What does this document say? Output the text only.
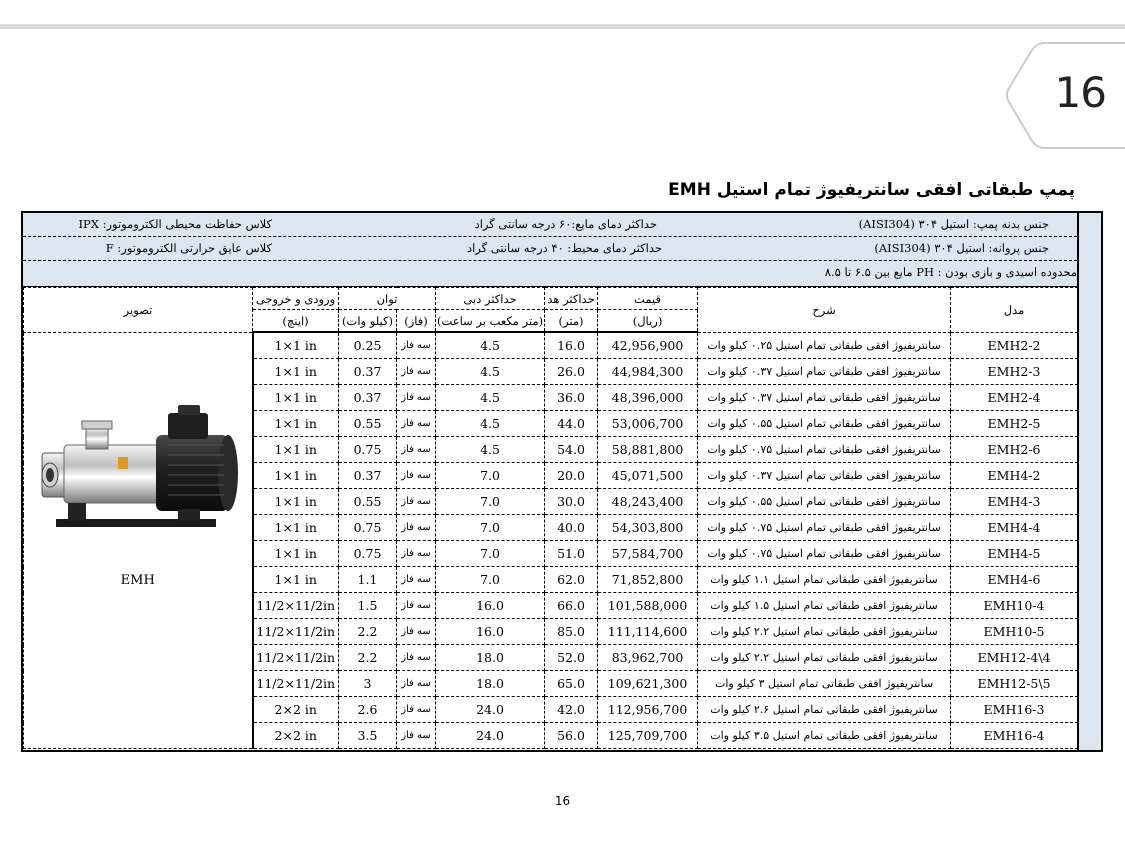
16
پمپ طبقاتی افقی سانتریفیوژ تمام استیل EMH
جنس بدنه پمپ: استیل ۳۰۴ (AISI304)
حداکثر دمای مایع:۶۰ درجه سانتی گراد
کلاس حفاظت محیطی الکتروموتور: IPX
جنس پروانه: استیل ۳۰۴ (AISI304)
حداکثر دمای محیط: ۴۰ درجه سانتی گراد
کلاس عایق حرارتی الکتروموتور: F
محدوده اسیدی و بازی بودن : PH مایع بین ۶.۵ تا ۸.۵
تصویر	ورودی و خروجی	توان		حداکثر دبی	حداکثر هد	قیمت	شرح	مدل
	(اینچ)	(کیلو وات)	(فاز)	(متر مکعب بر ساعت)	(متر)	(ریال)		

EMH	1×1 in	0.25	سه فاز	4.5	16.0	42,956,900	سانتریفیوژ افقی طبقاتی تمام استیل ۰.۲۵ کیلو وات	EMH2-2
	1×1 in	0.37	سه فاز	4.5	26.0	44,984,300	سانتریفیوژ افقی طبقاتی تمام استیل ۰.۳۷ کیلو وات	EMH2-3
	1×1 in	0.37	سه فاز	4.5	36.0	48,396,000	سانتریفیوژ افقی طبقاتی تمام استیل ۰.۳۷ کیلو وات	EMH2-4
	1×1 in	0.55	سه فاز	4.5	44.0	53,006,700	سانتریفیوژ افقی طبقاتی تمام استیل ۰.۵۵ کیلو وات	EMH2-5
	1×1 in	0.75	سه فاز	4.5	54.0	58,881,800	سانتریفیوژ افقی طبقاتی تمام استیل ۰.۷۵ کیلو وات	EMH2-6
	1×1 in	0.37	سه فاز	7.0	20.0	45,071,500	سانتریفیوژ افقی طبقاتی تمام استیل ۰.۳۷ کیلو وات	EMH4-2
	1×1 in	0.55	سه فاز	7.0	30.0	48,243,400	سانتریفیوژ افقی طبقاتی تمام استیل ۰.۵۵ کیلو وات	EMH4-3
	1×1 in	0.75	سه فاز	7.0	40.0	54,303,800	سانتریفیوژ افقی طبقاتی تمام استیل ۰.۷۵ کیلو وات	EMH4-4
	1×1 in	0.75	سه فاز	7.0	51.0	57,584,700	سانتریفیوژ افقی طبقاتی تمام استیل ۰.۷۵ کیلو وات	EMH4-5
	1×1 in	1.1	سه فاز	7.0	62.0	71,852,800	سانتریفیوژ افقی طبقاتی تمام استیل ۱.۱ کیلو وات	EMH4-6
	11/2×11/2in	1.5	سه فاز	16.0	66.0	101,588,000	سانتریفیوژ افقی طبقاتی تمام استیل ۱.۵ کیلو وات	EMH10-4
	11/2×11/2in	2.2	سه فاز	16.0	85.0	111,114,600	سانتریفیوژ افقی طبقاتی تمام استیل ۲.۲ کیلو وات	EMH10-5
	11/2×11/2in	2.2	سه فاز	18.0	52.0	83,962,700	سانتریفیوژ افقی طبقاتی تمام استیل ۲.۲ کیلو وات	EMH12-4\4
	11/2×11/2in	3	سه فاز	18.0	65.0	109,621,300	سانتریفیوژ افقی طبقاتی تمام استیل ۳ کیلو وات	EMH12-5\5
	2×2 in	2.6	سه فاز	24.0	42.0	112,956,700	سانتریفیوژ افقی طبقاتی تمام استیل ۲.۶ کیلو وات	EMH16-3
	2×2 in	3.5	سه فاز	24.0	56.0	125,709,700	سانتریفیوژ افقی طبقاتی تمام استیل ۳.۵ کیلو وات	EMH16-4
16
